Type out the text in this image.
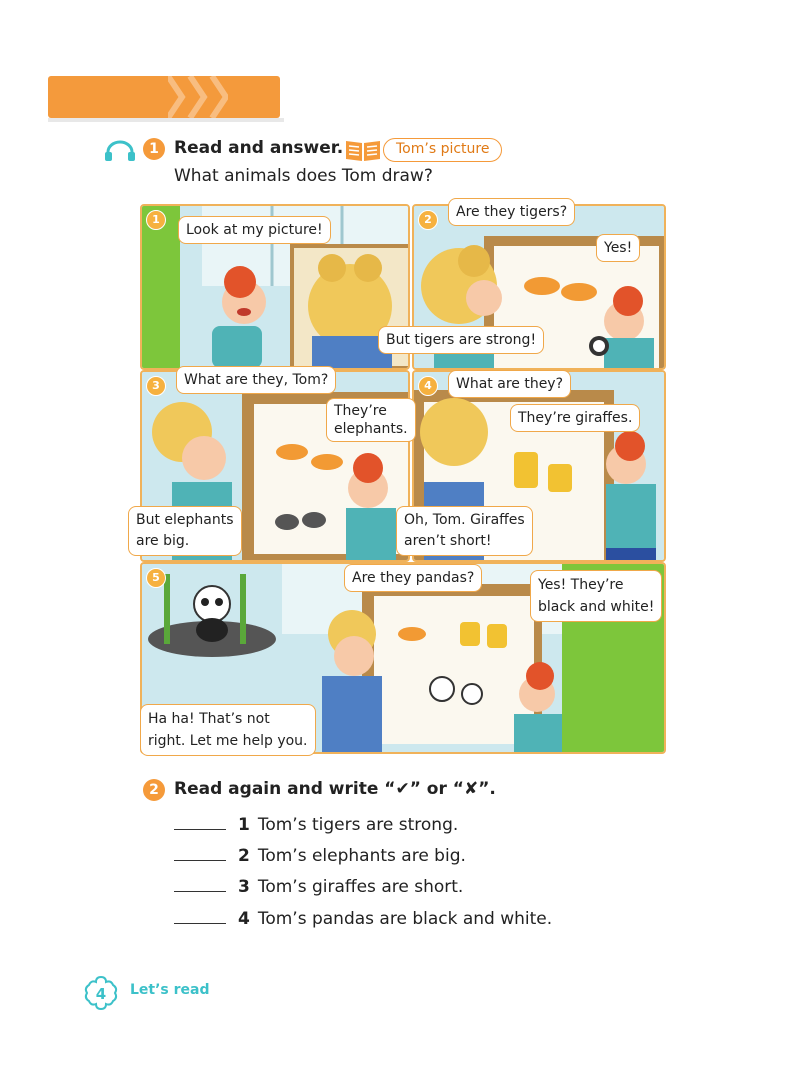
Start up
1 Read and answer.	Tom’s picture
What animals does Tom draw?
1	2
3	4
5
Look at my picture!
But tigers are strong!
Are they tigers?
Yes!
What are they, Tom?
They’re
elephants.
But elephants
are big.
What are they?
They’re giraffes.
Oh, Tom. Giraffes
aren’t short!
Are they pandas?	Yes! They’re
black and white!
Ha ha! That’s not
right. Let me help you.
2 Read again and write “✔” or “✘”.
1 Tom’s tigers are strong.
2 Tom’s elephants are big.
3 Tom’s giraffes are short.
4 Tom’s pandas are black and white.
4 Let’s read
